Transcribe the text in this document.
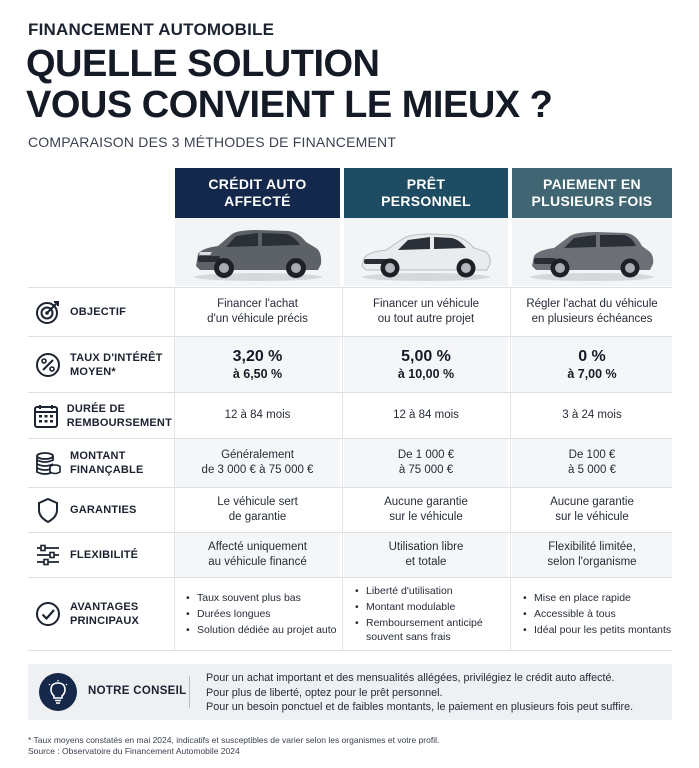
FINANCEMENT AUTOMOBILE
QUELLE SOLUTION
VOUS CONVIENT LE MIEUX ?
COMPARAISON DES 3 MÉTHODES DE FINANCEMENT
CRÉDIT AUTO
AFFECTÉ
PRÊT
PERSONNEL
PAIEMENT EN
PLUSIEURS FOIS
OBJECTIF
Financer l'achat
d'un véhicule précis
Financer un véhicule
ou tout autre projet
Régler l'achat du véhicule
en plusieurs échéances
TAUX D'INTÉRÊT
MOYEN*
3,20 %
à 6,50 %
5,00 %
à 10,00 %
0 %
à 7,00 %
DURÉE DE
REMBOURSEMENT
12 à 84 mois	12 à 84 mois	3 à 24 mois
MONTANT
FINANÇABLE
Généralement
de 3 000 € à 75 000 €
De 1 000 €
à 75 000 €
De 100 €
à 5 000 €
GARANTIES
Le véhicule sert
de garantie
Aucune garantie
sur le véhicule
Aucune garantie
sur le véhicule
FLEXIBILITÉ
Affecté uniquement
au véhicule financé
Utilisation libre
et totale
Flexibilité limitée,
selon l'organisme
AVANTAGES
PRINCIPAUX
• Taux souvent plus bas
• Durées longues
• Solution dédiée au projet auto
• Liberté d'utilisation
• Montant modulable
• Remboursement anticipé souvent sans frais
• Mise en place rapide
• Accessible à tous
• Idéal pour les petits montants
NOTRE CONSEIL
Pour un achat important et des mensualités allégées, privilégiez le crédit auto affecté.
Pour plus de liberté, optez pour le prêt personnel.
Pour un besoin ponctuel et de faibles montants, le paiement en plusieurs fois peut suffire.
* Taux moyens constatés en mai 2024, indicatifs et susceptibles de varier selon les organismes et votre profil.
Source : Observatoire du Financement Automobile 2024
